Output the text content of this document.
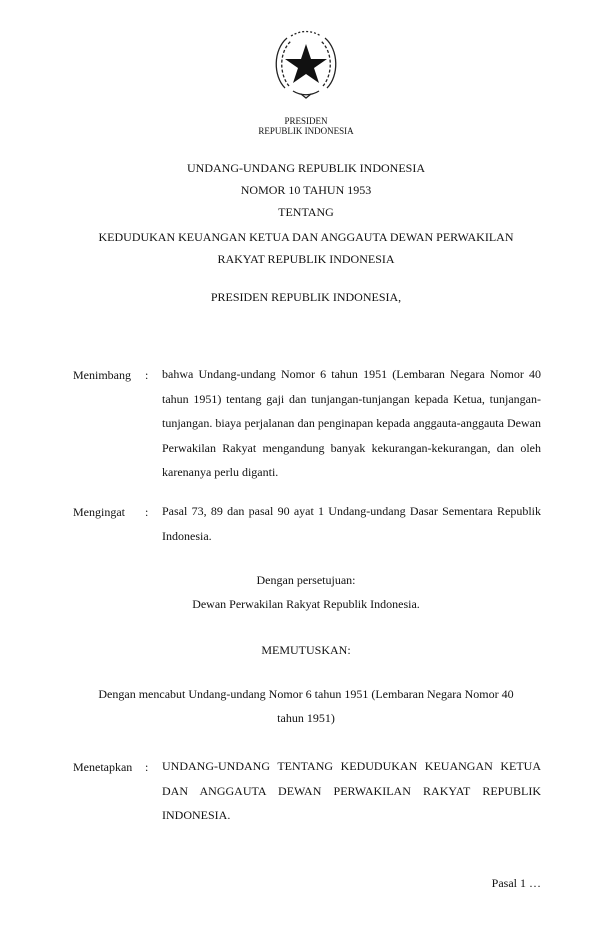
PRESIDEN
REPUBLIK INDONESIA
UNDANG-UNDANG REPUBLIK INDONESIA
NOMOR 10 TAHUN 1953
TENTANG
KEDUDUKAN KEUANGAN KETUA DAN ANGGAUTA DEWAN PERWAKILAN
RAKYAT REPUBLIK INDONESIA
PRESIDEN REPUBLIK INDONESIA,
Menimbang : bahwa Undang-undang Nomor 6 tahun 1951 (Lembaran Negara Nomor 40 tahun 1951) tentang gaji dan tunjangan-tunjangan kepada Ketua, tunjangan-tunjangan. biaya perjalanan dan penginapan kepada anggauta-anggauta Dewan Perwakilan Rakyat mengandung banyak kekurangan-kekurangan, dan oleh karenanya perlu diganti.
Mengingat : Pasal 73, 89 dan pasal 90 ayat 1 Undang-undang Dasar Sementara Republik Indonesia.
Dengan persetujuan:
Dewan Perwakilan Rakyat Republik Indonesia.
MEMUTUSKAN:
Dengan mencabut Undang-undang Nomor 6 tahun 1951 (Lembaran Negara Nomor 40
tahun 1951)
Menetapkan : UNDANG-UNDANG TENTANG KEDUDUKAN KEUANGAN KETUA DAN ANGGAUTA DEWAN PERWAKILAN RAKYAT REPUBLIK INDONESIA.
Pasal 1 …
